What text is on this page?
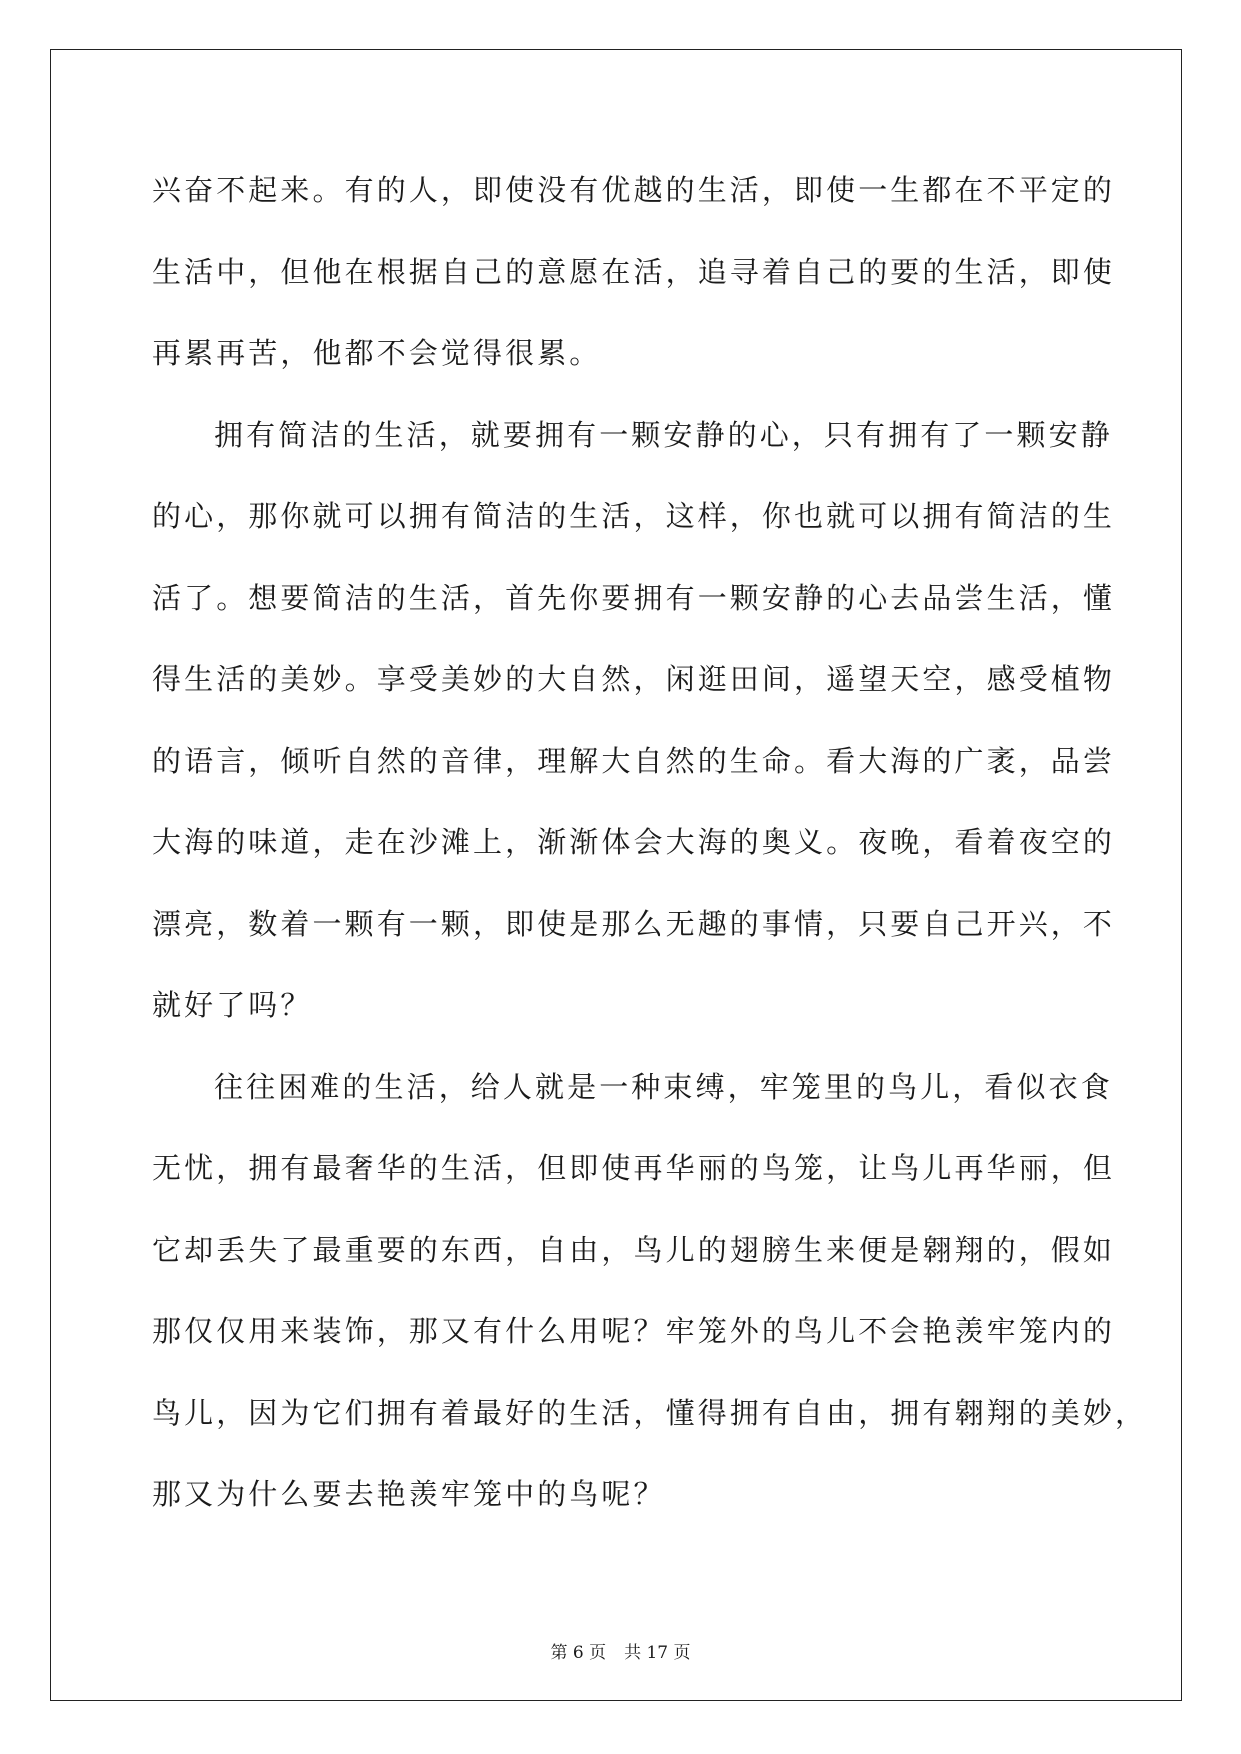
兴奋不起来。有的人，即使没有优越的生活，即使一生都在不平定的
生活中，但他在根据自己的意愿在活，追寻着自己的要的生活，即使
再累再苦，他都不会觉得很累。
拥有简洁的生活，就要拥有一颗安静的心，只有拥有了一颗安静
的心，那你就可以拥有简洁的生活，这样，你也就可以拥有简洁的生
活了。想要简洁的生活，首先你要拥有一颗安静的心去品尝生活，懂
得生活的美妙。享受美妙的大自然，闲逛田间，遥望天空，感受植物
的语言，倾听自然的音律，理解大自然的生命。看大海的广袤，品尝
大海的味道，走在沙滩上，渐渐体会大海的奥义。夜晚，看着夜空的
漂亮，数着一颗有一颗，即使是那么无趣的事情，只要自己开兴，不
就好了吗？
往往困难的生活，给人就是一种束缚，牢笼里的鸟儿，看似衣食
无忧，拥有最奢华的生活，但即使再华丽的鸟笼，让鸟儿再华丽，但
它却丢失了最重要的东西，自由，鸟儿的翅膀生来便是翱翔的，假如
那仅仅用来装饰，那又有什么用呢？牢笼外的鸟儿不会艳羡牢笼内的
鸟儿，因为它们拥有着最好的生活，懂得拥有自由，拥有翱翔的美妙，
那又为什么要去艳羡牢笼中的鸟呢？
第 6 页 共 17 页
